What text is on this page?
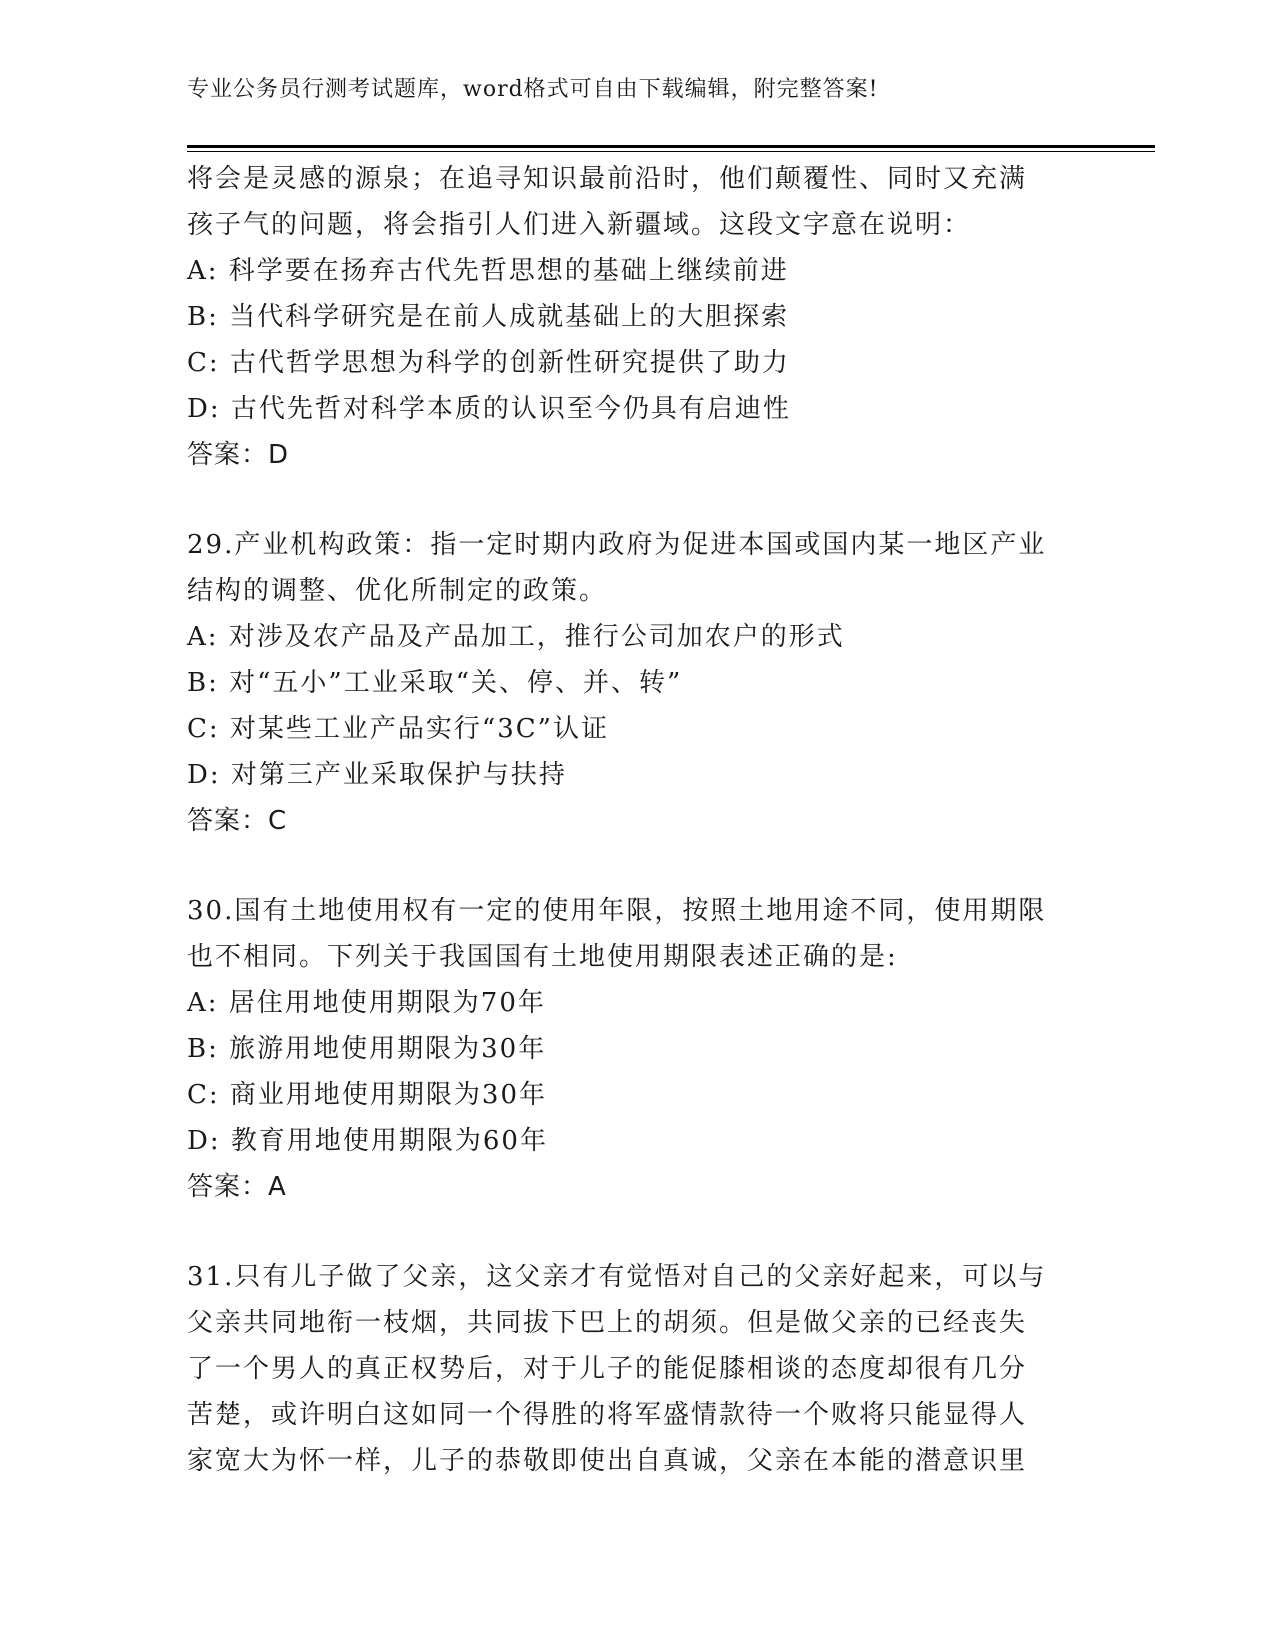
专业公务员行测考试题库，word格式可自由下载编辑，附完整答案!
将会是灵感的源泉；在追寻知识最前沿时，他们颠覆性、同时又充满
孩子气的问题，将会指引人们进入新疆域。这段文字意在说明：
A: 科学要在扬弃古代先哲思想的基础上继续前进
B: 当代科学研究是在前人成就基础上的大胆探索
C: 古代哲学思想为科学的创新性研究提供了助力
D: 古代先哲对科学本质的认识至今仍具有启迪性
答案：D
29.产业机构政策：指一定时期内政府为促进本国或国内某一地区产业
结构的调整、优化所制定的政策。
A: 对涉及农产品及产品加工，推行公司加农户的形式
B: 对“五小”工业采取“关、停、并、转”
C: 对某些工业产品实行“3C”认证
D: 对第三产业采取保护与扶持
答案：C
30.国有土地使用权有一定的使用年限，按照土地用途不同，使用期限
也不相同。下列关于我国国有土地使用期限表述正确的是:
A: 居住用地使用期限为70年
B: 旅游用地使用期限为30年
C: 商业用地使用期限为30年
D: 教育用地使用期限为60年
答案：A
31.只有儿子做了父亲，这父亲才有觉悟对自己的父亲好起来，可以与
父亲共同地衔一枝烟，共同拔下巴上的胡须。但是做父亲的已经丧失
了一个男人的真正权势后，对于儿子的能促膝相谈的态度却很有几分
苦楚，或许明白这如同一个得胜的将军盛情款待一个败将只能显得人
家宽大为怀一样，儿子的恭敬即使出自真诚，父亲在本能的潜意识里
